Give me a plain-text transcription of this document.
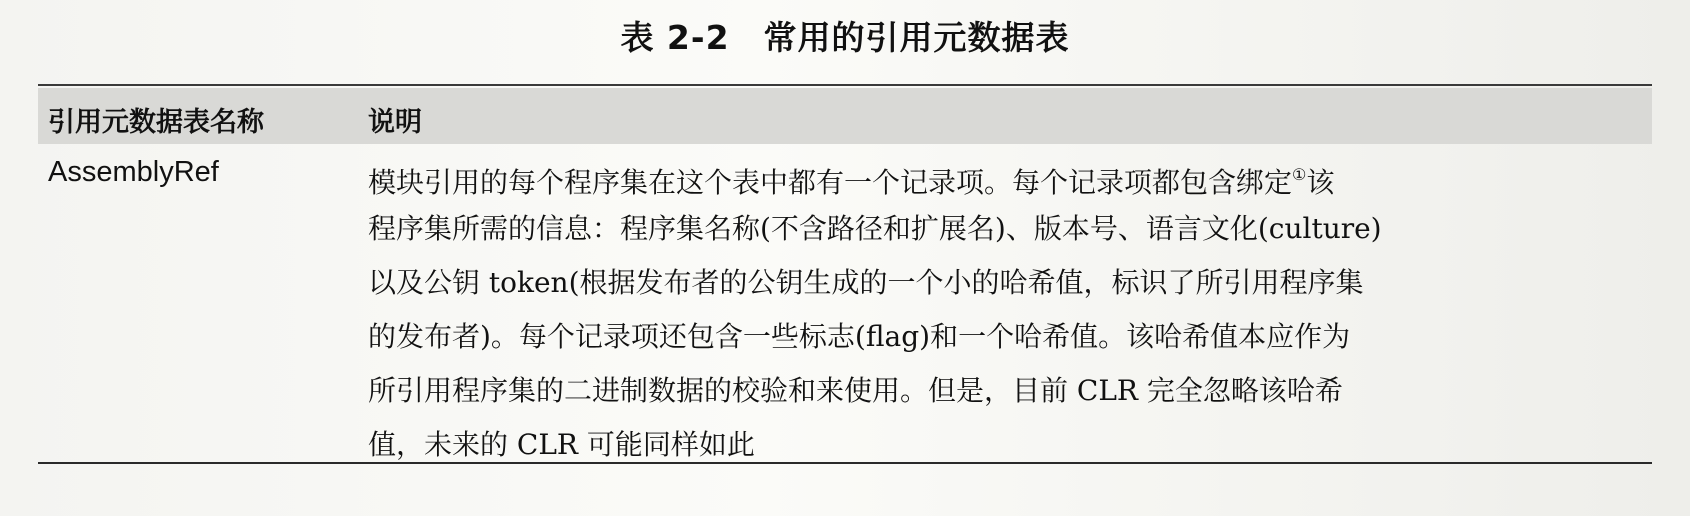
表 2-2 常用的引用元数据表
引用元数据表名称	说明
AssemblyRef	模块引用的每个程序集在这个表中都有一个记录项。每个记录项都包含绑定①该
程序集所需的信息：程序集名称(不含路径和扩展名)、版本号、语言文化(culture)
以及公钥 token(根据发布者的公钥生成的一个小的哈希值，标识了所引用程序集
的发布者)。每个记录项还包含一些标志(flag)和一个哈希值。该哈希值本应作为
所引用程序集的二进制数据的校验和来使用。但是，目前 CLR 完全忽略该哈希
值，未来的 CLR 可能同样如此
